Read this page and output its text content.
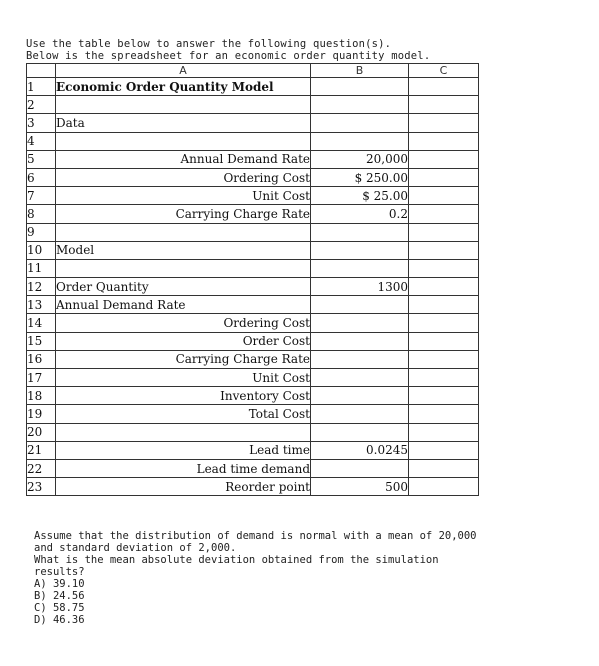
Use the table below to answer the following question(s).
Below is the spreadsheet for an economic order quantity model.
	A	B	C
1	Economic Order Quantity Model		
2			
3	Data		
4			
5	Annual Demand Rate	20,000	
6	Ordering Cost	$ 250.00	
7	Unit Cost	$ 25.00	
8	Carrying Charge Rate	0.2	
9			
10	Model		
11			
12	Order Quantity	1300	
13	Annual Demand Rate		
14	Ordering Cost		
15	Order Cost		
16	Carrying Charge Rate		
17	Unit Cost		
18	Inventory Cost		
19	Total Cost		
20			
21	Lead time	0.0245	
22	Lead time demand		
23	Reorder point	500	

Assume that the distribution of demand is normal with a mean of 20,000

and standard deviation of 2,000.

What is the mean absolute deviation obtained from the simulation

results?

A) 39.10

B) 24.56

C) 58.75

D) 46.36
